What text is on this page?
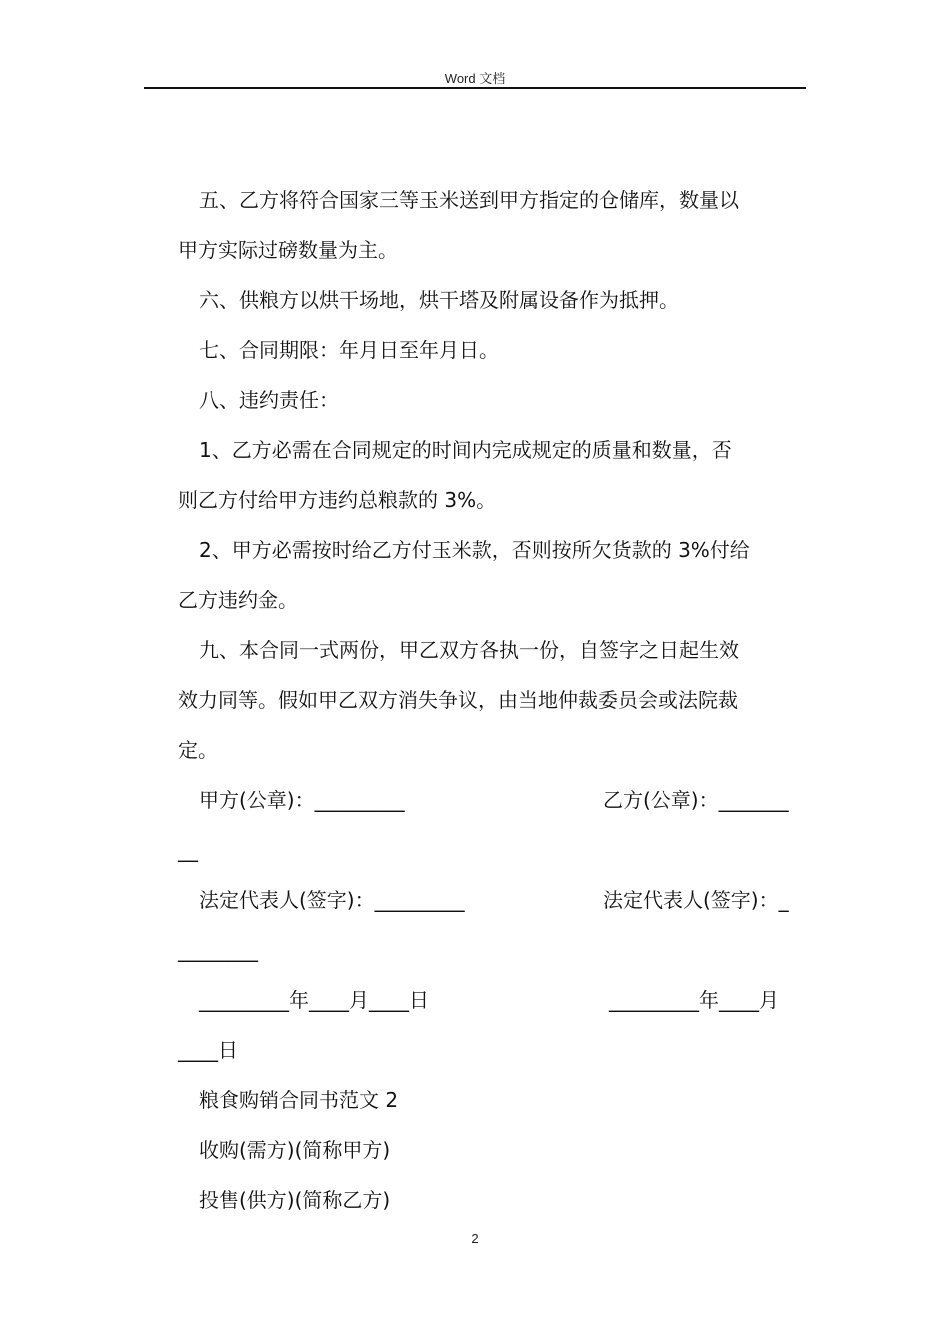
Word 文档
五、乙方将符合国家三等玉米送到甲方指定的仓储库，数量以
甲方实际过磅数量为主。
六、供粮方以烘干场地，烘干塔及附属设备作为抵押。
七、合同期限：年月日至年月日。
八、违约责任：
1、乙方必需在合同规定的时间内完成规定的质量和数量，否
则乙方付给甲方违约总粮款的 3%。
2、甲方必需按时给乙方付玉米款，否则按所欠货款的 3%付给
乙方违约金。
九、本合同一式两份，甲乙双方各执一份，自签字之日起生效
效力同等。假如甲乙双方消失争议，由当地仲裁委员会或法院裁
定。
甲方(公章)：_________	乙方(公章)：_______
__
法定代表人(签字)：_________	法定代表人(签字)：_
________
_________年____月____日	_________年____月
____日
粮食购销合同书范文 2
收购(需方)(简称甲方)
投售(供方)(简称乙方)
2
